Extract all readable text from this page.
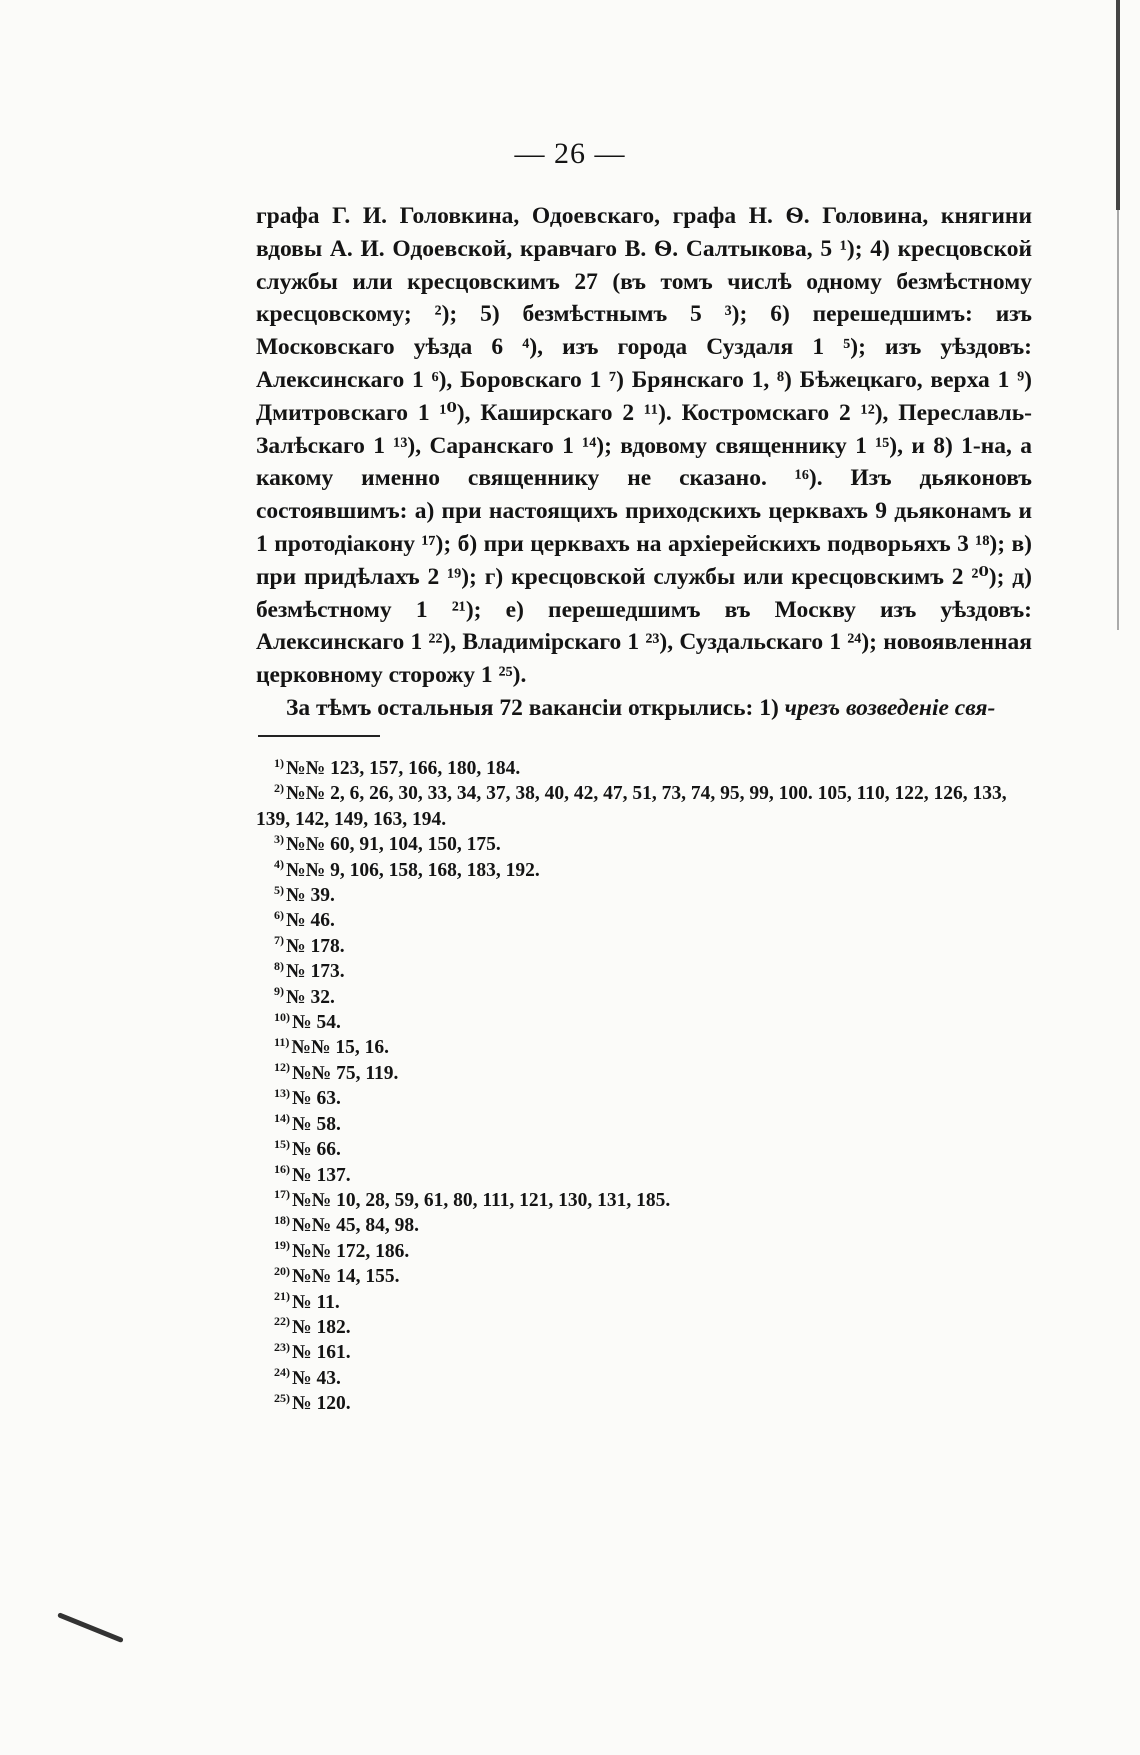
— 26 —

графа Г. И. Головкина, Одоевскаго, графа Н. Ѳ. Головина, княгини вдовы А. И. Одоевской, кравчаго В. Ѳ. Салтыкова, 5 ¹); 4) кресцовской службы или кресцовскимъ 27 (въ томъ числѣ одному безмѣстному кресцовскому; ²); 5) безмѣстнымъ 5 ³); 6) перешедшимъ: изъ Московскаго уѣзда 6 ⁴), изъ города Суздаля 1 ⁵); изъ уѣздовъ: Алексинскаго 1 ⁶), Боровскаго 1 ⁷) Брянскаго 1, ⁸) Бѣжецкаго, верха 1 ⁹) Дмитровскаго 1 ¹⁰), Каширскаго 2 ¹¹). Костромскаго 2 ¹²), Переславль-Залѣскаго 1 ¹³), Саранскаго 1 ¹⁴); вдовому священнику 1 ¹⁵), и 8) 1-на, а какому именно священнику не сказано. ¹⁶). Изъ дьяконовъ состоявшимъ: а) при настоящихъ приходскихъ церквахъ 9 дьяконамъ и 1 протодіакону ¹⁷); б) при церквахъ на архіерейскихъ подворьяхъ 3 ¹⁸); в) при придѣлахъ 2 ¹⁹); г) кресцовской службы или кресцовскимъ 2 ²⁰); д) безмѣстному 1 ²¹); е) перешедшимъ въ Москву изъ уѣздовъ: Алексинскаго 1 ²²), Владимірскаго 1 ²³), Суздальскаго 1 ²⁴); новоявленная церковному сторожу 1 ²⁵).

За тѣмъ остальныя 72 вакансіи открылись: 1) чрезъ возведеніе свя-

$^{1)}$ №№ 123, 157, 166, 180, 184.
$^{2)}$ №№ 2, 6, 26, 30, 33, 34, 37, 38, 40, 42, 47, 51, 73, 74, 95, 99, 100. 105, 110, 122, 126, 133, 139, 142, 149, 163, 194.
$^{3)}$ №№ 60, 91, 104, 150, 175.
$^{4)}$ №№ 9, 106, 158, 168, 183, 192.
$^{5)}$ № 39.
$^{6)}$ № 46.
$^{7)}$ № 178.
$^{8)}$ № 173.
$^{9)}$ № 32.
$^{10)}$ № 54.
$^{11)}$ №№ 15, 16.
$^{12)}$ №№ 75, 119.
$^{13)}$ № 63.
$^{14)}$ № 58.
$^{15)}$ № 66.
$^{16)}$ № 137.
$^{17)}$ №№ 10, 28, 59, 61, 80, 111, 121, 130, 131, 185.
$^{18)}$ №№ 45, 84, 98.
$^{19)}$ №№ 172, 186.
$^{20)}$ №№ 14, 155.
$^{21)}$ № 11.
$^{22)}$ № 182.
$^{23)}$ № 161.
$^{24)}$ № 43.
$^{25)}$ № 120.
